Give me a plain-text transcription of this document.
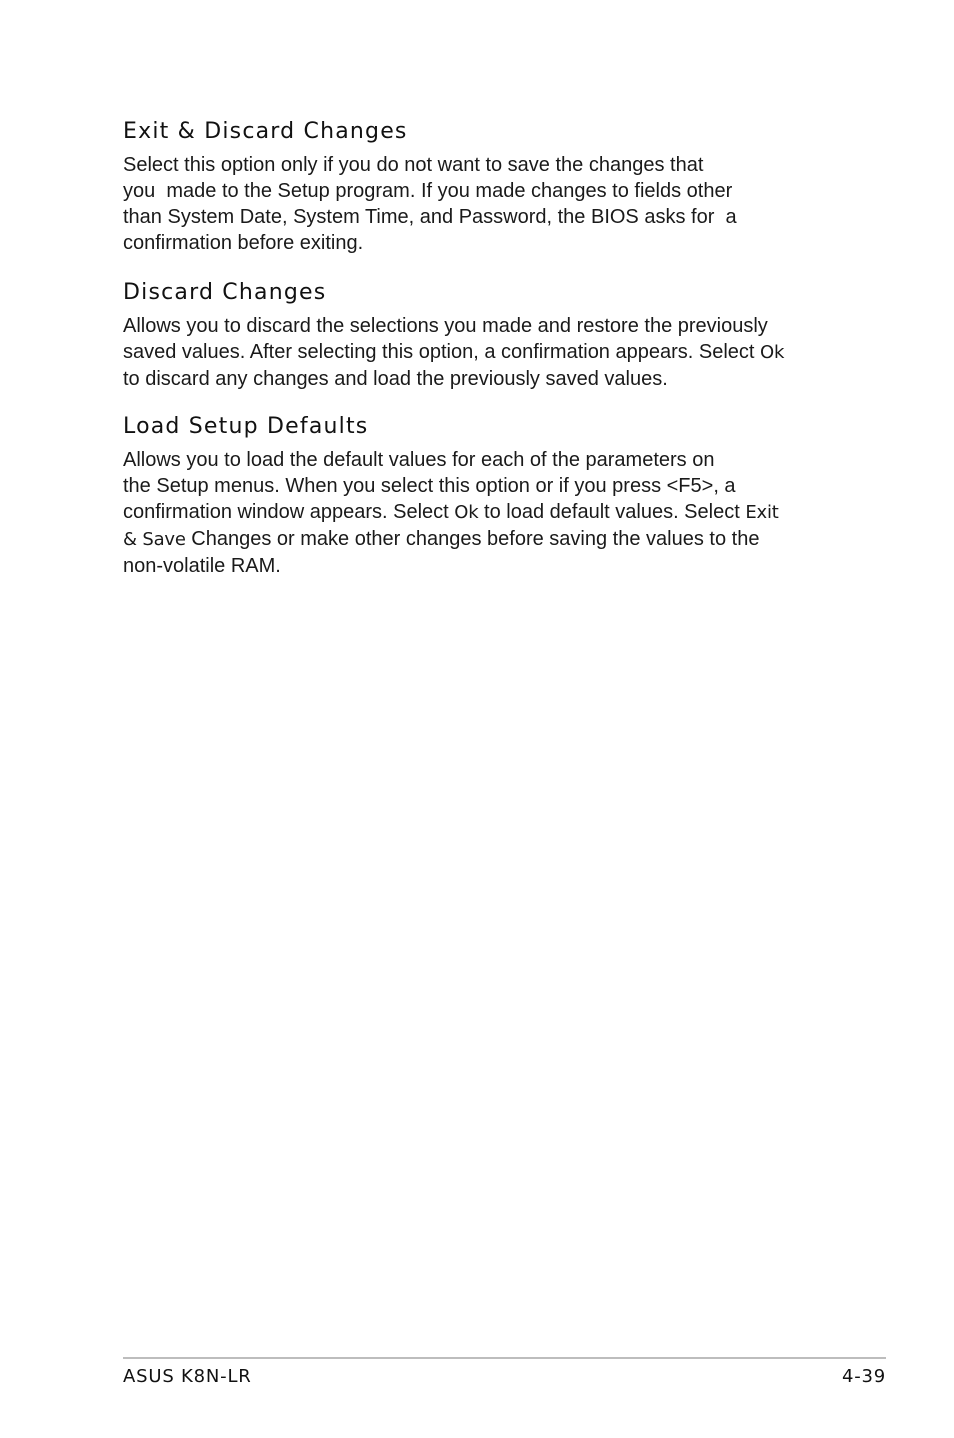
Exit & Discard Changes

Select this option only if you do not want to save the changes that
you  made to the Setup program. If you made changes to fields other
than System Date, System Time, and Password, the BIOS asks for  a
confirmation before exiting.

Discard Changes

Allows you to discard the selections you made and restore the previously
saved values. After selecting this option, a confirmation appears. Select Ok
to discard any changes and load the previously saved values.

Load Setup Defaults

Allows you to load the default values for each of the parameters on
the Setup menus. When you select this option or if you press <F5>, a
confirmation window appears. Select Ok to load default values. Select Exit
& Save Changes or make other changes before saving the values to the
non-volatile RAM.

ASUS K8N-LR	4-39
